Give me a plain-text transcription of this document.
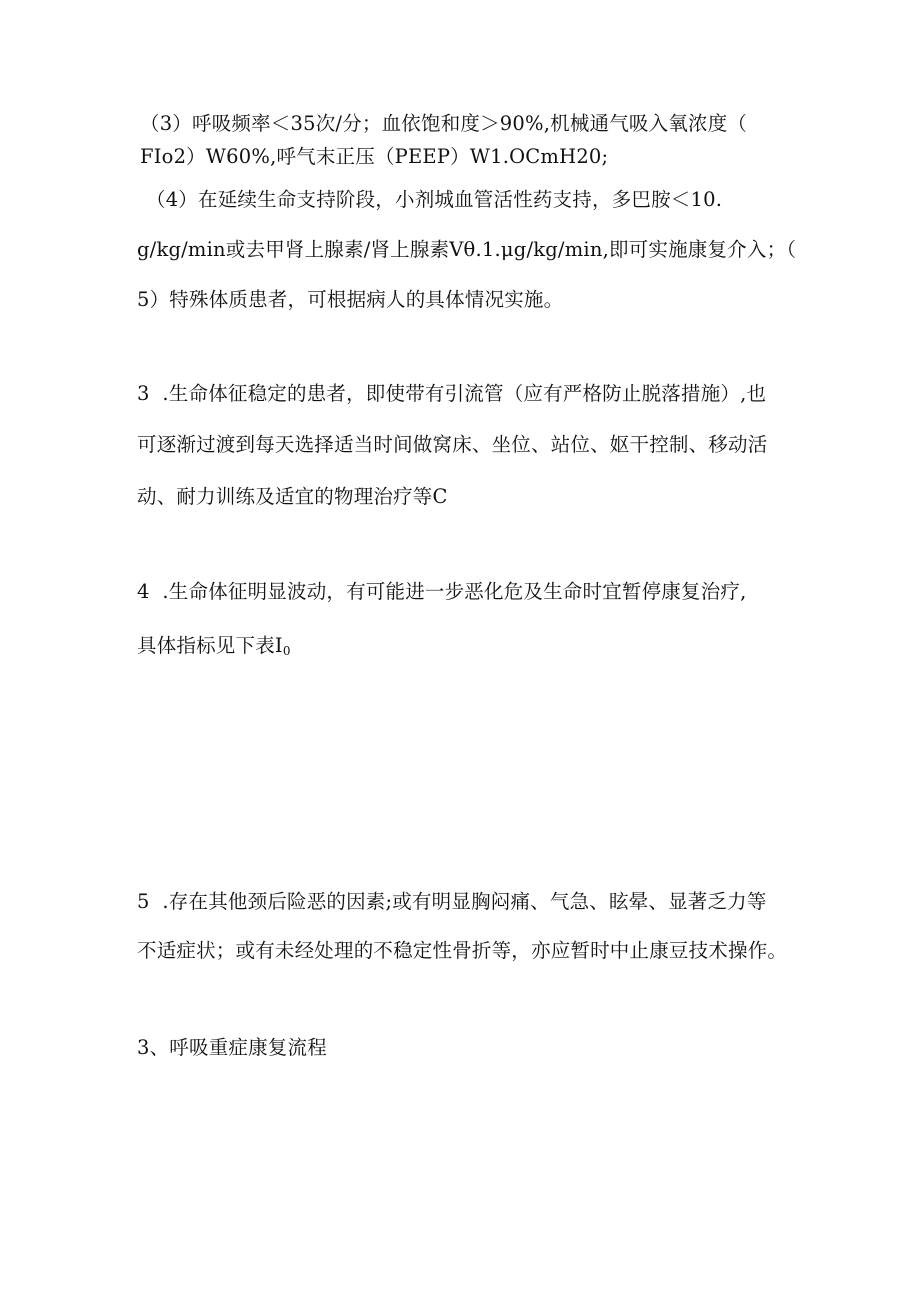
（3）呼吸频率＜35次/分；血依饱和度＞90%,机械通气吸入氧浓度（
FIo2）W60%,呼气末正压（PEEP）W1.OCmH20;
（4）在延续生命支持阶段，小剂城血管活性药支持，多巴胺＜10.
g/kg/min或去甲肾上腺素/肾上腺素Vθ.1.μg/kg/min,即可实施康复介入；（
5）特殊体质患者，可根据病人的具体情况实施。
3  .生命体征稳定的患者，即使带有引流管（应有严格防止脱落措施）,也
可逐渐过渡到每天选择适当时间做窝床、坐位、站位、妪干控制、移动活
动、耐力训练及适宜的物理治疗等C
4  .生命体征明显波动，有可能进一步恶化危及生命时宜暂停康复治疗,
具体指标见下表$I_0$
5  .存在其他颈后险恶的因素;或有明显胸闷痛、气急、眩晕、显著乏力等
不适症状；或有未经处理的不稳定性骨折等，亦应暂时中止康豆技术操作。
3、呼吸重症康复流程
